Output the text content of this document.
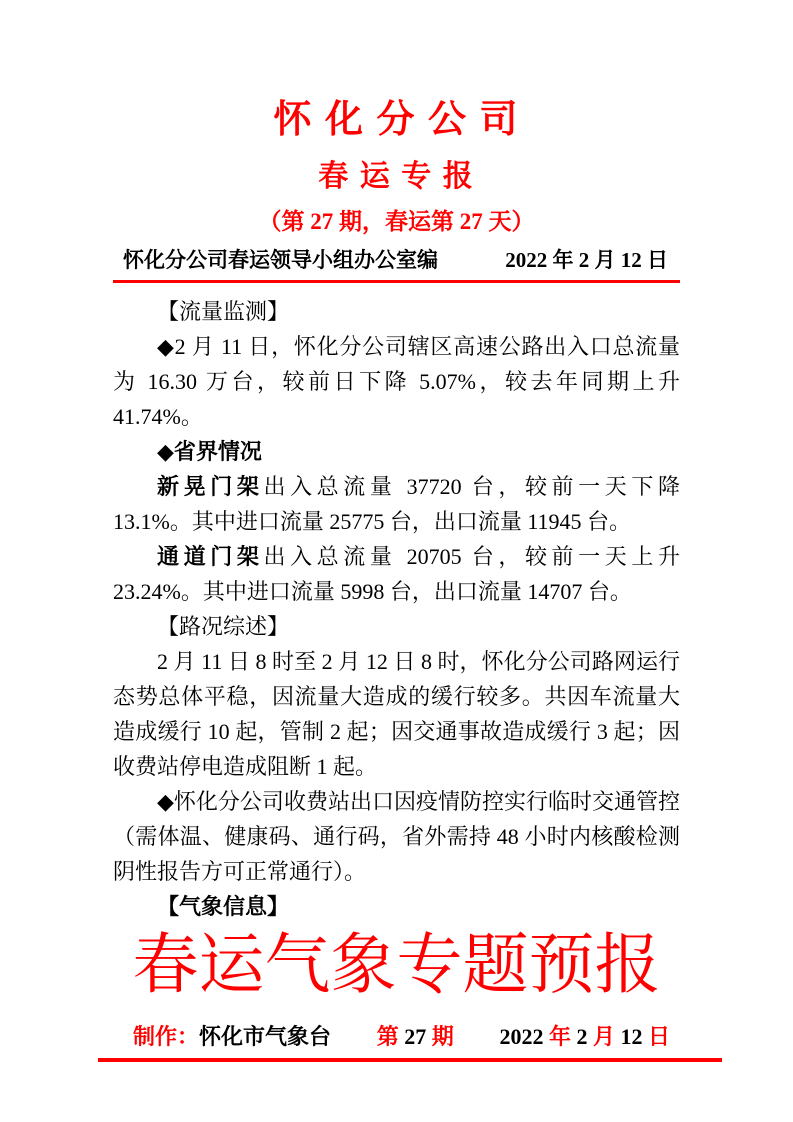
怀 化 分 公 司
春 运 专 报
（第 27 期，春运第 27 天）
怀化分公司春运领导小组办公室编	2022 年 2 月 12 日

【流量监测】

◆2 月 11 日，怀化分公司辖区高速公路出入口总流量为 16.30 万台，较前日下降 5.07%，较去年同期上升 41.74%。

◆省界情况

新晃门架出入总流量 37720 台，较前一天下降 13.1%。其中进口流量 25775 台，出口流量 11945 台。

通道门架出入总流量 20705 台，较前一天上升 23.24%。其中进口流量 5998 台，出口流量 14707 台。

【路况综述】

2 月 11 日 8 时至 2 月 12 日 8 时，怀化分公司路网运行态势总体平稳，因流量大造成的缓行较多。共因车流量大造成缓行 10 起，管制 2 起；因交通事故造成缓行 3 起；因收费站停电造成阻断 1 起。

◆怀化分公司收费站出口因疫情防控实行临时交通管控（需体温、健康码、通行码，省外需持 48 小时内核酸检测阴性报告方可正常通行）。

【气象信息】

春运气象专题预报
制作：怀化市气象台 第 27 期 2022 年 2 月 12 日
